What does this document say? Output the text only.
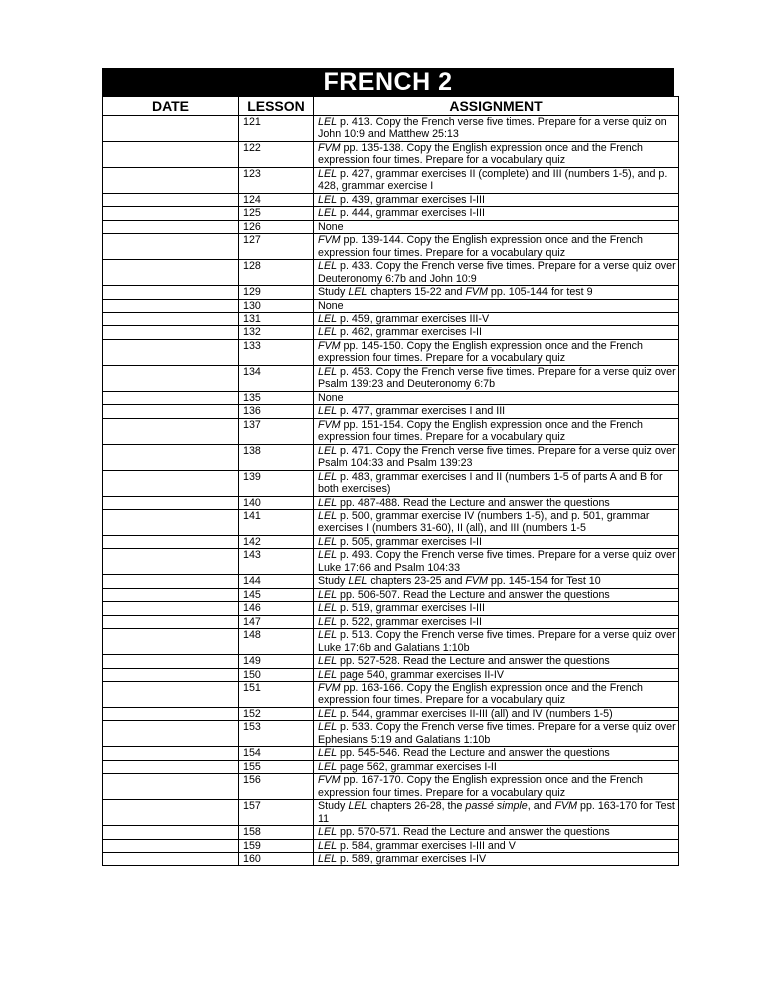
FRENCH 2
DATE	LESSON	ASSIGNMENT
	121	LEL p. 413. Copy the French verse five times. Prepare for a verse quiz on John 10:9 and Matthew 25:13
	122	FVM pp. 135-138. Copy the English expression once and the French expression four times. Prepare for a vocabulary quiz
	123	LEL p. 427, grammar exercises II (complete) and III (numbers 1-5), and p. 428, grammar exercise I
	124	LEL p. 439, grammar exercises I-III
	125	LEL p. 444, grammar exercises I-III
	126	None
	127	FVM pp. 139-144. Copy the English expression once and the French expression four times. Prepare for a vocabulary quiz
	128	LEL p. 433. Copy the French verse five times. Prepare for a verse quiz over Deuteronomy 6:7b and John 10:9
	129	Study LEL chapters 15-22 and FVM pp. 105-144 for test 9
	130	None
	131	LEL p. 459, grammar exercises III-V
	132	LEL p. 462, grammar exercises I-II
	133	FVM pp. 145-150. Copy the English expression once and the French expression four times. Prepare for a vocabulary quiz
	134	LEL p. 453. Copy the French verse five times. Prepare for a verse quiz over Psalm 139:23 and Deuteronomy 6:7b
	135	None
	136	LEL p. 477, grammar exercises I and III
	137	FVM pp. 151-154. Copy the English expression once and the French expression four times. Prepare for a vocabulary quiz
	138	LEL p. 471. Copy the French verse five times. Prepare for a verse quiz over Psalm 104:33 and Psalm 139:23
	139	LEL p. 483, grammar exercises I and II (numbers 1-5 of parts A and B for both exercises)
	140	LEL pp. 487-488. Read the Lecture and answer the questions
	141	LEL p. 500, grammar exercise IV (numbers 1-5), and p. 501, grammar exercises I (numbers 31-60), II (all), and III (numbers 1-5
	142	LEL p. 505, grammar exercises I-II
	143	LEL p. 493. Copy the French verse five times. Prepare for a verse quiz over Luke 17:66 and Psalm 104:33
	144	Study LEL chapters 23-25 and FVM pp. 145-154 for Test 10
	145	LEL pp. 506-507. Read the Lecture and answer the questions
	146	LEL p. 519, grammar exercises I-III
	147	LEL p. 522, grammar exercises I-II
	148	LEL p. 513. Copy the French verse five times. Prepare for a verse quiz over Luke 17:6b and Galatians 1:10b
	149	LEL pp. 527-528. Read the Lecture and answer the questions
	150	LEL page 540, grammar exercises II-IV
	151	FVM pp. 163-166. Copy the English expression once and the French expression four times. Prepare for a vocabulary quiz
	152	LEL p. 544, grammar exercises II-III (all) and IV (numbers 1-5)
	153	LEL p. 533. Copy the French verse five times. Prepare for a verse quiz over Ephesians 5:19 and Galatians 1:10b
	154	LEL pp. 545-546. Read the Lecture and answer the questions
	155	LEL page 562, grammar exercises I-II
	156	FVM pp. 167-170. Copy the English expression once and the French expression four times. Prepare for a vocabulary quiz
	157	Study LEL chapters 26-28, the passé simple, and FVM pp. 163-170 for Test 11
	158	LEL pp. 570-571. Read the Lecture and answer the questions
	159	LEL p. 584, grammar exercises I-III and V
	160	LEL p. 589, grammar exercises I-IV
